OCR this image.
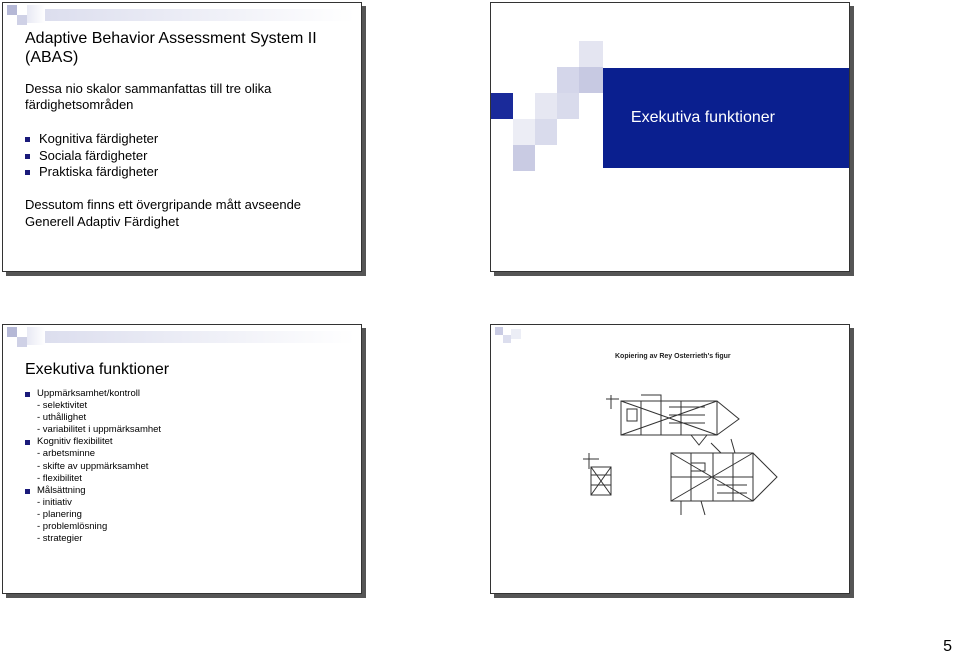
Adaptive Behavior Assessment System II (ABAS)
Dessa nio skalor sammanfattas till tre olika färdighetsområden
Kognitiva färdigheter
Sociala färdigheter
Praktiska färdigheter
Dessutom finns ett övergripande mått avseende Generell Adaptiv Färdighet
Exekutiva funktioner
Exekutiva funktioner
Uppmärksamhet/kontroll
- selektivitet
- uthållighet
- variabilitet i uppmärksamhet
Kognitiv flexibilitet
- arbetsminne
- skifte av uppmärksamhet
- flexibilitet
Målsättning
- initiativ
- planering
- problemlösning
- strategier
Kopiering av Rey Osterrieth's figur
5
